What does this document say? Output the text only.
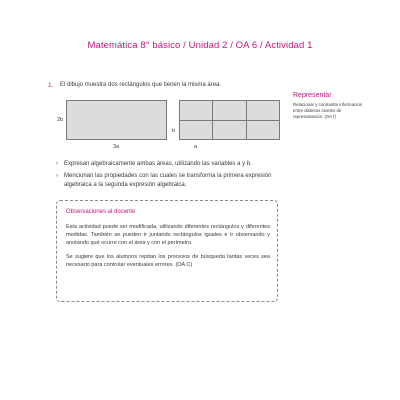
Matemática 8° básico / Unidad 2 / OA 6 / Actividad 1
1. El dibujo muestra dos rectángulos que tienen la misma área.
2b
3a
b
a
Representar
Relacionar y contrastar información entre distintos niveles de representación. (OA f)
› Expresan algebraicamente ambas áreas, utilizando las variables a y b.
› Mencionan las propiedades con las cuales se transforma la primera expresión algebraica a la segunda expresión algebraica.
Observaciones al docente
Esta actividad puede ser modificada, utilizando diferentes rectángulos y diferentes medidas. También se pueden ir juntando rectángulos iguales e ir observando y anotando qué ocurre con el área y con el perímetro.
Se sugiere que los alumnos repitan los procesos de búsqueda tantas veces sea necesario para controlar eventuales errores. (OA C)
